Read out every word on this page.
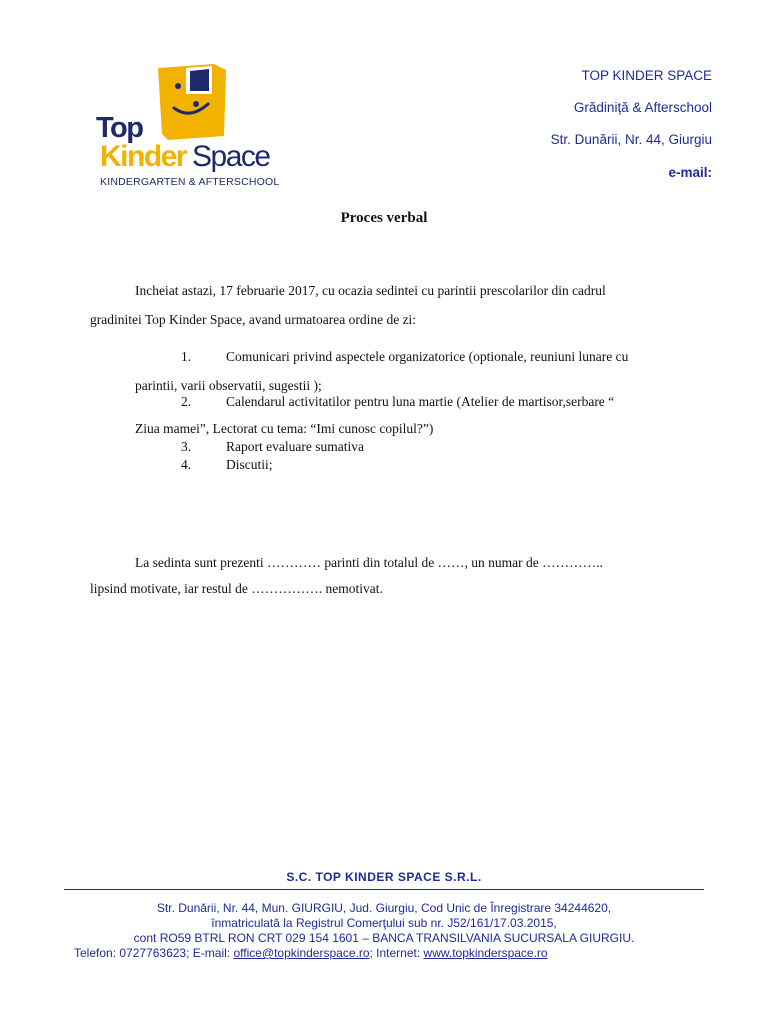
Top
Kinder Space
KINDERGARTEN & AFTERSCHOOL
TOP KINDER SPACE
Grădiniță & Afterschool
Str. Dunării, Nr. 44, Giurgiu
e-mail:
Proces verbal
Incheiat astazi, 17 februarie 2017, cu ocazia sedintei cu parintii prescolarilor din cadrul
gradinitei Top Kinder Space, avand urmatoarea ordine de zi:
1.	Comunicari privind aspectele organizatorice (optionale, reuniuni lunare cu
parintii, varii observatii, sugestii );
2.	Calendarul activitatilor pentru luna martie (Atelier de martisor,serbare “
Ziua mamei”, Lectorat cu tema: “Imi cunosc copilul?”)
3.	Raport evaluare sumativa
4.	Discutii;
La sedinta sunt prezenti ………… parinti din totalul de ……, un numar de …………..
lipsind motivate, iar restul de ……………. nemotivat.
S.C. TOP KINDER SPACE S.R.L.
Str. Dunării, Nr. 44, Mun. GIURGIU, Jud. Giurgiu, Cod Unic de Înregistrare 34244620,
înmatriculată la Registrul Comerţului sub nr. J52/161/17.03.2015,
cont RO59 BTRL RON CRT 029 154 1601 – BANCA TRANSILVANIA SUCURSALA GIURGIU.
Telefon: 0727763623; E-mail: office@topkinderspace.ro; Internet: www.topkinderspace.ro
